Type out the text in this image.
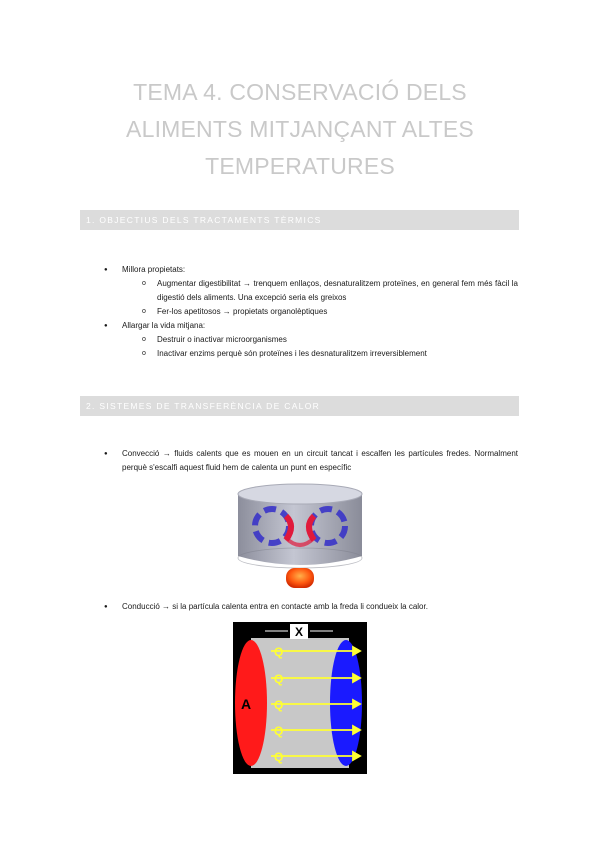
TEMA 4. CONSERVACIÓ DELS ALIMENTS MITJANÇANT ALTES TEMPERATURES
1. OBJECTIUS DELS TRACTAMENTS TÈRMICS
● Millora propietats:
o Augmentar digestibilitat → trenquem enllaços, desnaturalitzem proteïnes, en general fem més fàcil la digestió dels aliments. Una excepció seria els greixos
o Fer-los apetitosos → propietats organolèptiques
● Allargar la vida mitjana:
o Destruir o inactivar microorganismes
o Inactivar enzims perquè són proteïnes i les desnaturalitzem irreversiblement
2. SISTEMES DE TRANSFERÈNCIA DE CALOR
● Convecció → fluids calents que es mouen en un circuit tancat i escalfen les partícules fredes. Normalment perquè s'escalfi aquest fluid hem de calenta un punt en específic
● Conducció → si la partícula calenta entra en contacte amb la freda li condueix la calor.
X
A
Q
Q
Q
Q
Q
